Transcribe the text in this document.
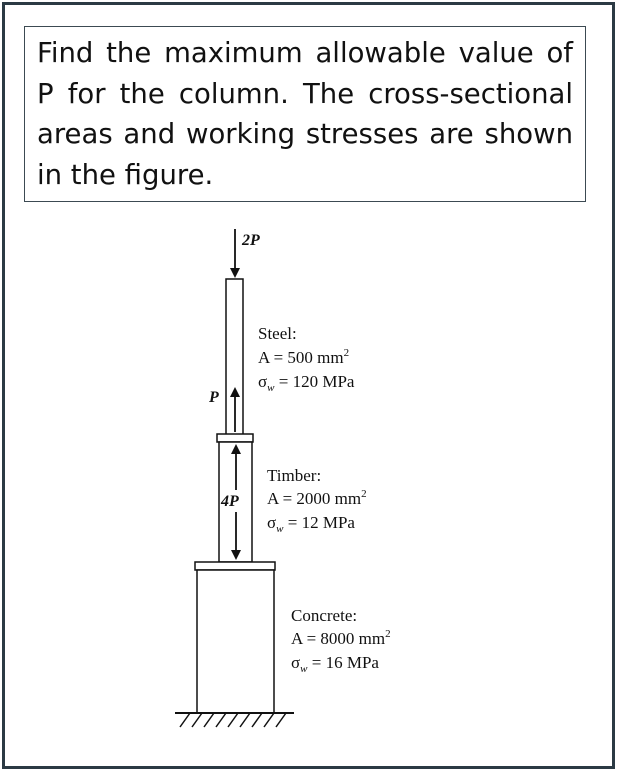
Find the maximum allowable value of P for the column. The cross-sectional areas and working stresses are shown in the figure.
2P
P
4P
Steel:
A = 500 $mm^2$
$\sigma_w = 120$ MPa
Timber:
A = 2000 $mm^2$
$\sigma_w = 12$ MPa
Concrete:
A = 8000 $mm^2$
$\sigma_w = 16$ MPa
